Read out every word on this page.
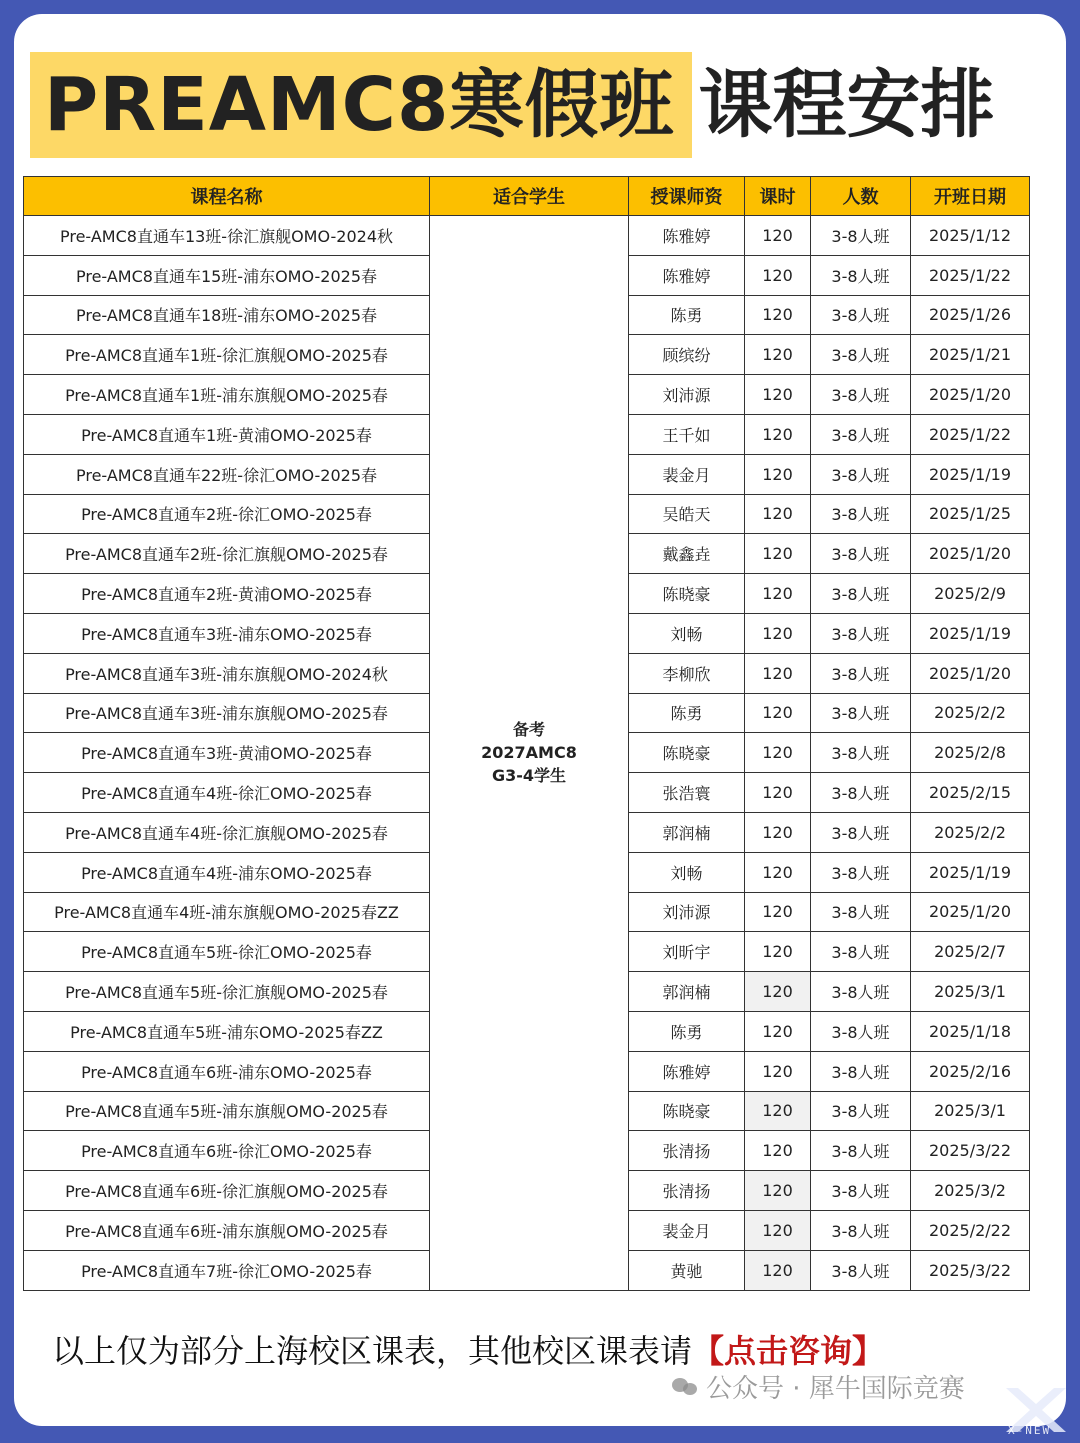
PREAMC8寒假班 课程安排
课程名称	适合学生	授课师资	课时	人数	开班日期
Pre-AMC8直通车13班-徐汇旗舰OMO-2024秋	备考
2027AMC8
G3-4学生	陈雅婷	120	3-8人班	2025/1/12
Pre-AMC8直通车15班-浦东OMO-2025春		陈雅婷	120	3-8人班	2025/1/22
Pre-AMC8直通车18班-浦东OMO-2025春		陈勇	120	3-8人班	2025/1/26
Pre-AMC8直通车1班-徐汇旗舰OMO-2025春		顾缤纷	120	3-8人班	2025/1/21
Pre-AMC8直通车1班-浦东旗舰OMO-2025春		刘沛源	120	3-8人班	2025/1/20
Pre-AMC8直通车1班-黄浦OMO-2025春		王千如	120	3-8人班	2025/1/22
Pre-AMC8直通车22班-徐汇OMO-2025春		裴金月	120	3-8人班	2025/1/19
Pre-AMC8直通车2班-徐汇OMO-2025春		吴皓天	120	3-8人班	2025/1/25
Pre-AMC8直通车2班-徐汇旗舰OMO-2025春		戴鑫垚	120	3-8人班	2025/1/20
Pre-AMC8直通车2班-黄浦OMO-2025春		陈晓豪	120	3-8人班	2025/2/9
Pre-AMC8直通车3班-浦东OMO-2025春		刘畅	120	3-8人班	2025/1/19
Pre-AMC8直通车3班-浦东旗舰OMO-2024秋		李柳欣	120	3-8人班	2025/1/20
Pre-AMC8直通车3班-浦东旗舰OMO-2025春		陈勇	120	3-8人班	2025/2/2
Pre-AMC8直通车3班-黄浦OMO-2025春		陈晓豪	120	3-8人班	2025/2/8
Pre-AMC8直通车4班-徐汇OMO-2025春		张浩寰	120	3-8人班	2025/2/15
Pre-AMC8直通车4班-徐汇旗舰OMO-2025春		郭润楠	120	3-8人班	2025/2/2
Pre-AMC8直通车4班-浦东OMO-2025春		刘畅	120	3-8人班	2025/1/19
Pre-AMC8直通车4班-浦东旗舰OMO-2025春ZZ		刘沛源	120	3-8人班	2025/1/20
Pre-AMC8直通车5班-徐汇OMO-2025春		刘昕宇	120	3-8人班	2025/2/7
Pre-AMC8直通车5班-徐汇旗舰OMO-2025春		郭润楠	120	3-8人班	2025/3/1
Pre-AMC8直通车5班-浦东OMO-2025春ZZ		陈勇	120	3-8人班	2025/1/18
Pre-AMC8直通车6班-浦东OMO-2025春		陈雅婷	120	3-8人班	2025/2/16
Pre-AMC8直通车5班-浦东旗舰OMO-2025春		陈晓豪	120	3-8人班	2025/3/1
Pre-AMC8直通车6班-徐汇OMO-2025春		张清扬	120	3-8人班	2025/3/22
Pre-AMC8直通车6班-徐汇旗舰OMO-2025春		张清扬	120	3-8人班	2025/3/2
Pre-AMC8直通车6班-浦东旗舰OMO-2025春		裴金月	120	3-8人班	2025/2/22
Pre-AMC8直通车7班-徐汇OMO-2025春		黄驰	120	3-8人班	2025/3/22
以上仅为部分上海校区课表，其他校区课表请【点击咨询】
公众号 · 犀牛国际竞赛
X-NEW
